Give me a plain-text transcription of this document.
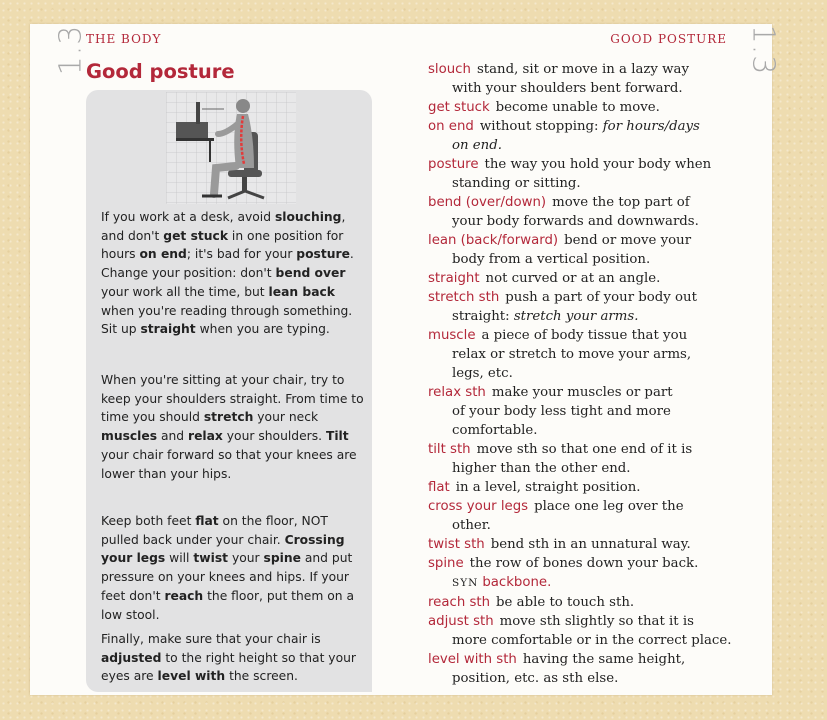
1.3	1.3
THE BODY	GOOD POSTURE
Good posture

If you work at a desk, avoid slouching, and don't get stuck in one position for hours on end; it's bad for your posture. Change your position: don't bend over your work all the time, but lean back when you're reading through something. Sit up straight when you are typing.

When you're sitting at your chair, try to keep your shoulders straight. From time to time you should stretch your neck muscles and relax your shoulders. Tilt your chair forward so that your knees are lower than your hips.

Keep both feet flat on the floor, NOT pulled back under your chair. Crossing your legs will twist your spine and put pressure on your knees and hips. If your feet don't reach the floor, put them on a low stool.

Finally, make sure that your chair is adjusted to the right height so that your eyes are level with the screen.

slouch stand, sit or move in a lazy way
with your shoulders bent forward.

get stuck become unable to move.

on end without stopping: for hours/days
on end.

posture the way you hold your body when
standing or sitting.

bend (over/down) move the top part of
your body forwards and downwards.

lean (back/forward) bend or move your
body from a vertical position.

straight not curved or at an angle.

stretch sth push a part of your body out
straight: stretch your arms.

muscle a piece of body tissue that you
relax or stretch to move your arms,
legs, etc.

relax sth make your muscles or part
of your body less tight and more
comfortable.

tilt sth move sth so that one end of it is
higher than the other end.

flat in a level, straight position.

cross your legs place one leg over the
other.

twist sth bend sth in an unnatural way.

spine the row of bones down your back.
SYN backbone.

reach sth be able to touch sth.

adjust sth move sth slightly so that it is
more comfortable or in the correct place.

level with sth having the same height,
position, etc. as sth else.
